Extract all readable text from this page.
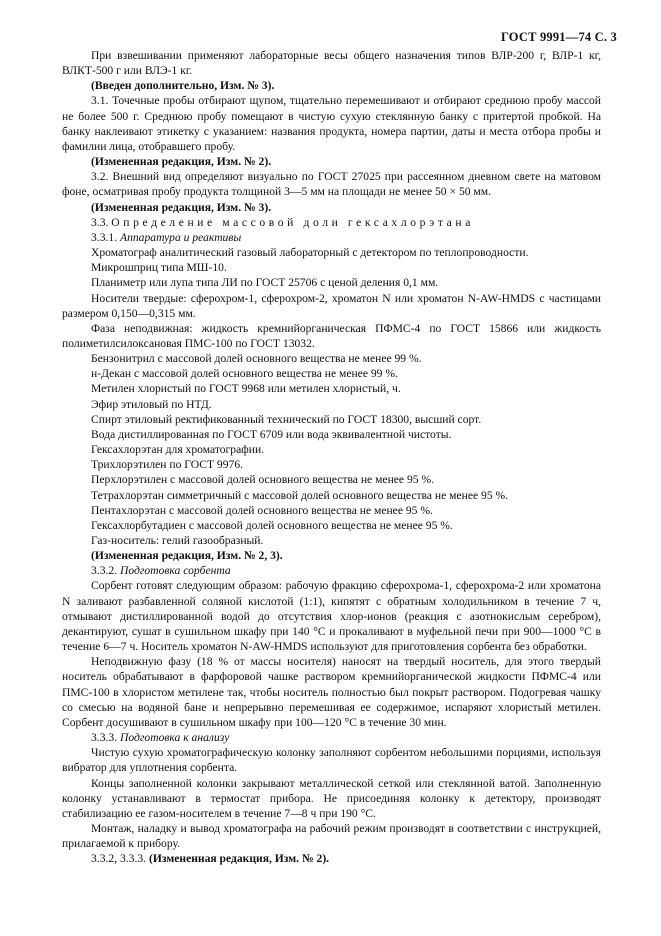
ГОСТ 9991—74 С. 3

При взвешивании применяют лабораторные весы общего назначения типов ВЛР-200 г, ВЛР-1 кг, ВЛКТ-500 г или ВЛЭ-1 кг.

(Введен дополнительно, Изм. № 3).

3.1. Точечные пробы отбирают щупом, тщательно перемешивают и отбирают среднюю пробу массой не более 500 г. Среднюю пробу помещают в чистую сухую стеклянную банку с притертой пробкой. На банку наклеивают этикетку с указанием: названия продукта, номера партии, даты и места отбора пробы и фамилии лица, отобравшего пробу.

(Измененная редакция, Изм. № 2).

3.2. Внешний вид определяют визуально по ГОСТ 27025 при рассеянном дневном свете на матовом фоне, осматривая пробу продукта толщиной 3—5 мм на площади не менее 50 × 50 мм.

(Измененная редакция, Изм. № 3).

3.3. Определение массовой доли гексахлорэтана

3.3.1. Аппаратура и реактивы

Хроматограф аналитический газовый лабораторный с детектором по теплопроводности.

Микрошприц типа МШ-10.

Планиметр или лупа типа ЛИ по ГОСТ 25706 с ценой деления 0,1 мм.

Носители твердые: сферохром-1, сферохром-2, хроматон N или хроматон N-AW-HMDS с частицами размером 0,150—0,315 мм.

Фаза неподвижная: жидкость кремнийорганическая ПФМС-4 по ГОСТ 15866 или жидкость полиметилсилоксановая ПМС-100 по ГОСТ 13032.

Бензонитрил с массовой долей основного вещества не менее 99 %.

н-Декан с массовой долей основного вещества не менее 99 %.

Метилен хлористый по ГОСТ 9968 или метилен хлористый, ч.

Эфир этиловый по НТД.

Спирт этиловый ректификованный технический по ГОСТ 18300, высший сорт.

Вода дистиллированная по ГОСТ 6709 или вода эквивалентной чистоты.

Гексахлорэтан для хроматографии.

Трихлорэтилен по ГОСТ 9976.

Перхлорэтилен с массовой долей основного вещества не менее 95 %.

Тетрахлорэтан симметричный с массовой долей основного вещества не менее 95 %.

Пентахлорэтан с массовой долей основного вещества не менее 95 %.

Гексахлорбутадиен с массовой долей основного вещества не менее 95 %.

Газ-носитель: гелий газообразный.

(Измененная редакция, Изм. № 2, 3).

3.3.2. Подготовка сорбента

Сорбент готовят следующим образом: рабочую фракцию сферохрома-1, сферохрома-2 или хроматона N заливают разбавленной соляной кислотой (1:1), кипятят с обратным холодильником в течение 7 ч, отмывают дистиллированной водой до отсутствия хлор-ионов (реакция с азотнокислым серебром), декантируют, сушат в сушильном шкафу при 140 °С и прокаливают в муфельной печи при 900—1000 °С в течение 6—7 ч. Носитель хроматон N-AW-HMDS используют для приготовления сорбента без обработки.

Неподвижную фазу (18 % от массы носителя) наносят на твердый носитель, для этого твердый носитель обрабатывают в фарфоровой чашке раствором кремнийорганической жидкости ПФМС-4 или ПМС-100 в хлористом метилене так, чтобы носитель полностью был покрыт раствором. Подогревая чашку со смесью на водяной бане и непрерывно перемешивая ее содержимое, испаряют хлористый метилен. Сорбент досушивают в сушильном шкафу при 100—120 °С в течение 30 мин.

3.3.3. Подготовка к анализу

Чистую сухую хроматографическую колонку заполняют сорбентом небольшими порциями, используя вибратор для уплотнения сорбента.

Концы заполненной колонки закрывают металлической сеткой или стеклянной ватой. Заполненную колонку устанавливают в термостат прибора. Не присоединяя колонку к детектору, производят стабилизацию ее газом-носителем в течение 7—8 ч при 190 °С.

Монтаж, наладку и вывод хроматографа на рабочий режим производят в соответствии с инструкцией, прилагаемой к прибору.

3.3.2, 3.3.3. (Измененная редакция, Изм. № 2).
